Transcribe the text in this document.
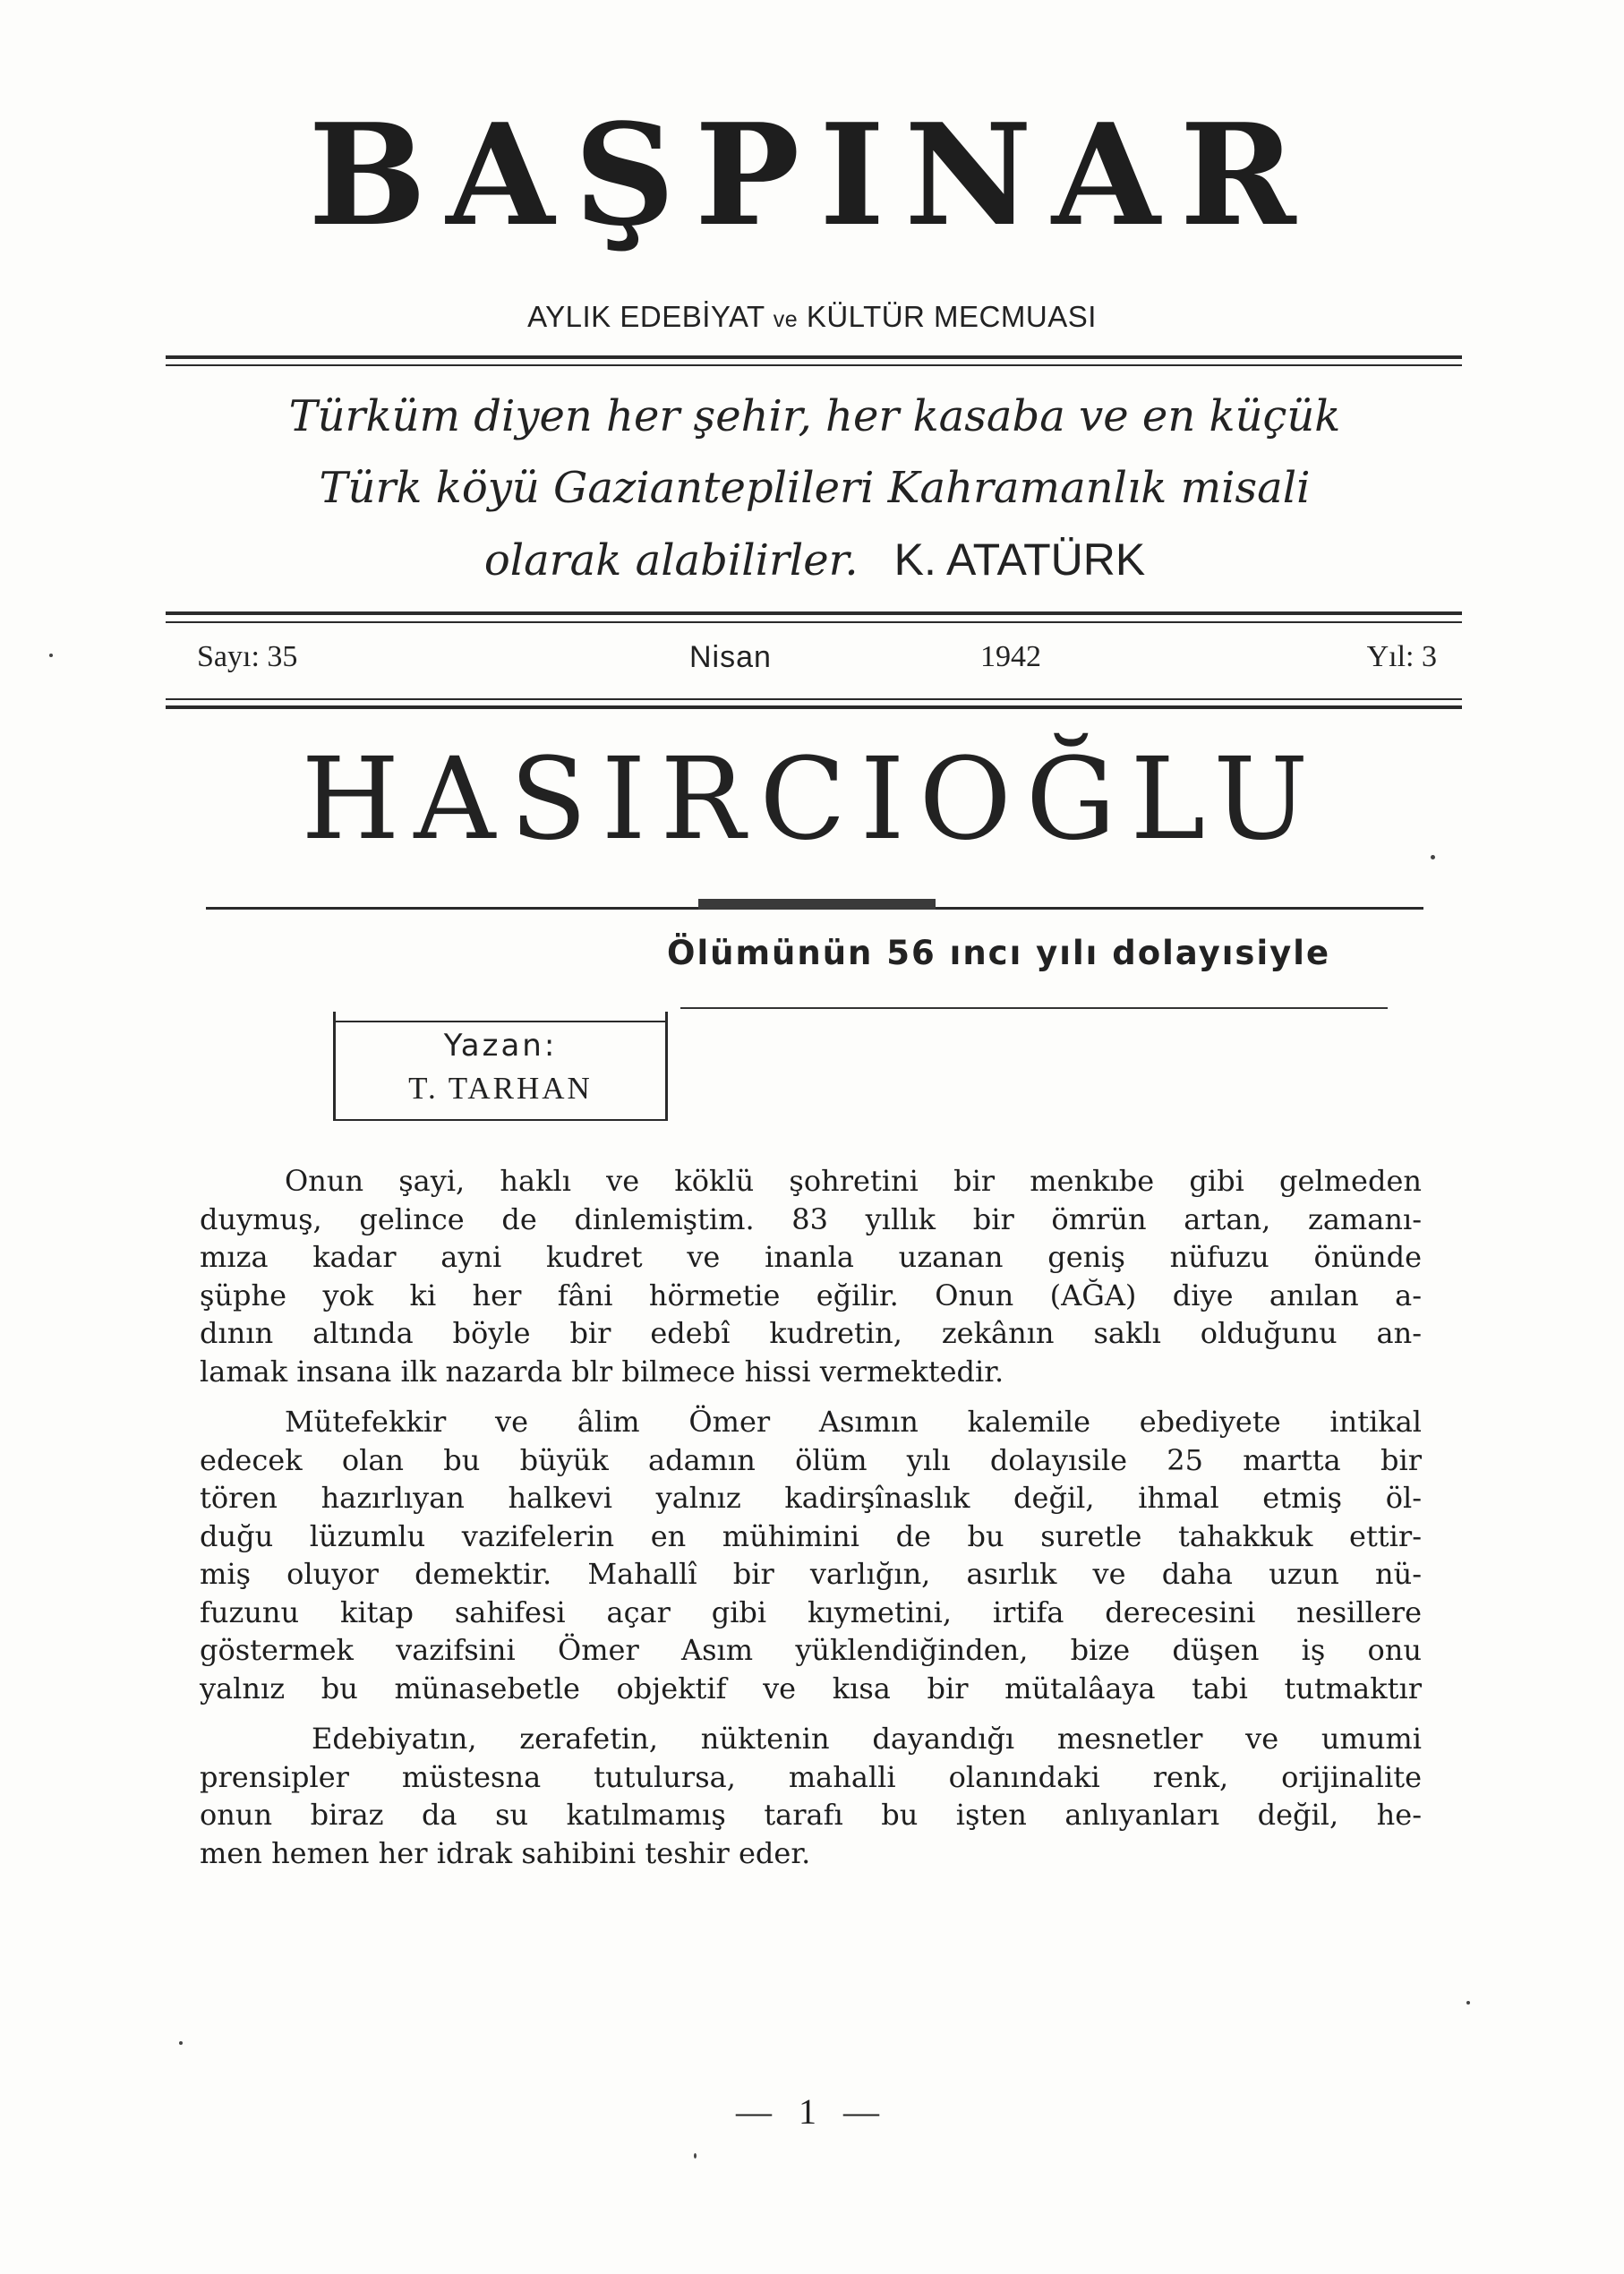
BAŞPINAR
AYLIK EDEBİYAT ve KÜLTÜR MECMUASI
Türküm diyen her şehir, her kasaba ve en küçük
Türk köyü Gazianteplileri Kahramanlık misali
olarak alabilirler. K. ATATÜRK
Sayı: 35	Nisan	1942	Yıl: 3
HASIRCIOĞLU
Ölümünün 56 ıncı yılı dolayısiyle
Yazan:
T. TARHAN

Onun şayi, haklı ve köklü şohretini bir menkıbe gibi gelmeden
duymuş, gelince de dinlemiştim. 83 yıllık bir ömrün artan, zamanı-
mıza kadar ayni kudret ve inanla uzanan geniş nüfuzu önünde
şüphe yok ki her fâni hörmetie eğilir. Onun (AĞA) diye anılan a-
dının altında böyle bir edebî kudretin, zekânın saklı olduğunu an-
lamak insana ilk nazarda blr bilmece hissi vermektedir.

Mütefekkir ve âlim Ömer Asımın kalemile ebediyete intikal
edecek olan bu büyük adamın ölüm yılı dolayısile 25 martta bir
tören hazırlıyan halkevi yalnız kadirşînaslık değil, ihmal etmiş öl-
duğu lüzumlu vazifelerin en mühimini de bu suretle tahakkuk ettir-
miş oluyor demektir. Mahallî bir varlığın, asırlık ve daha uzun nü-
fuzunu kitap sahifesi açar gibi kıymetini, irtifa derecesini nesillere
göstermek vazifsini Ömer Asım yüklendiğinden, bize düşen iş onu
yalnız bu münasebetle objektif ve kısa bir mütalâaya tabi tutmaktır

Edebiyatın, zerafetin, nüktenin dayandığı mesnetler ve umumi
prensipler müstesna tutulursa, mahalli olanındaki renk, orijinalite
onun biraz da su katılmamış tarafı bu işten anlıyanları değil, he-
men hemen her idrak sahibini teshir eder.

— 1 —
